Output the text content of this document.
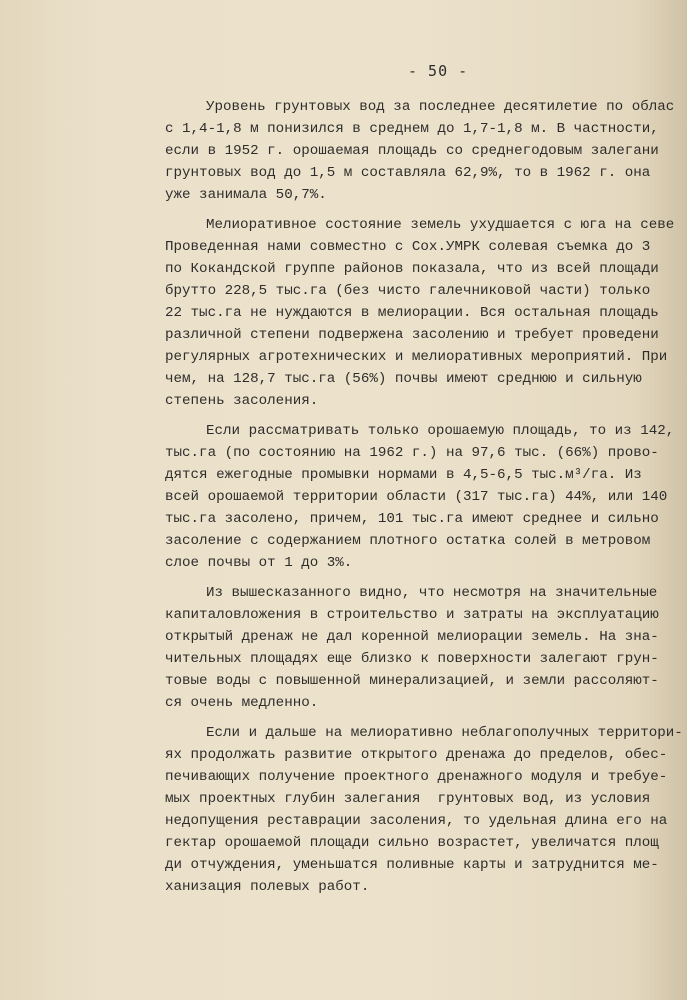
- 50 -
Уровень грунтовых вод за последнее десятилетие по облас
с 1,4-1,8 м понизился в среднем до 1,7-1,8 м. В частности,
если в 1952 г. орошаемая площадь со среднегодовым залегани
грунтовых вод до 1,5 м составляла 62,9%, то в 1962 г. она
уже занимала 50,7%.
Мелиоративное состояние земель ухудшается с юга на севе
Проведенная нами совместно с Сох.УМРК солевая съемка до 3
по Кокандской группе районов показала, что из всей площади
брутто 228,5 тыс.га (без чисто галечниковой части) только
22 тыс.га не нуждаются в мелиорации. Вся остальная площадь
различной степени подвержена засолению и требует проведени
регулярных агротехнических и мелиоративных мероприятий. При
чем, на 128,7 тыс.га (56%) почвы имеют среднюю и сильную
степень засоления.
Если рассматривать только орошаемую площадь, то из 142,
тыс.га (по состоянию на 1962 г.) на 97,6 тыс. (66%) прово-
дятся ежегодные промывки нормами в 4,5-6,5 тыс.м³/га. Из
всей орошаемой территории области (317 тыс.га) 44%, или 140
тыс.га засолено, причем, 101 тыс.га имеют среднее и сильно
засоление с содержанием плотного остатка солей в метровом
слое почвы от 1 до 3%.
Из вышесказанного видно, что несмотря на значительные
капиталовложения в строительство и затраты на эксплуатацию
открытый дренаж не дал коренной мелиорации земель. На зна-
чительных площадях еще близко к поверхности залегают грун-
товые воды с повышенной минерализацией, и земли рассоляют-
ся очень медленно.
Если и дальше на мелиоративно неблагополучных территори-
ях продолжать развитие открытого дренажа до пределов, обес-
печивающих получение проектного дренажного модуля и требуе-
мых проектных глубин залегания  грунтовых вод, из условия
недопущения реставрации засоления, то удельная длина его на
гектар орошаемой площади сильно возрастет, увеличатся площ
ди отчуждения, уменьшатся поливные карты и затруднится ме-
ханизация полевых работ.
